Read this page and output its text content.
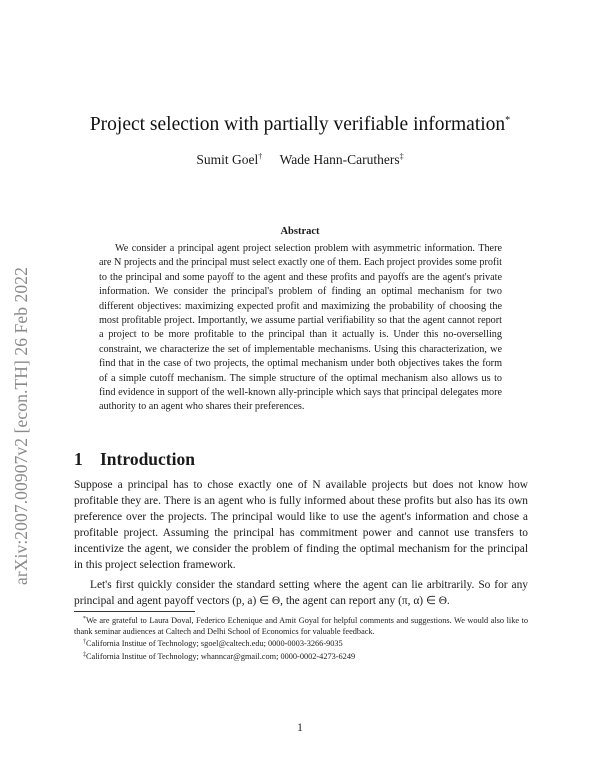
arXiv:2007.00907v2 [econ.TH] 26 Feb 2022
Project selection with partially verifiable information*
Sumit Goel† Wade Hann-Caruthers‡
Abstract
We consider a principal agent project selection problem with asymmetric information. There are N projects and the principal must select exactly one of them. Each project provides some profit to the principal and some payoff to the agent and these profits and payoffs are the agent's private information. We consider the principal's problem of finding an optimal mechanism for two different objectives: maximizing expected profit and maximizing the probability of choosing the most profitable project. Importantly, we assume partial verifiability so that the agent cannot report a project to be more profitable to the principal than it actually is. Under this no-overselling constraint, we characterize the set of implementable mechanisms. Using this characterization, we find that in the case of two projects, the optimal mechanism under both objectives takes the form of a simple cutoff mechanism. The simple structure of the optimal mechanism also allows us to find evidence in support of the well-known ally-principle which says that principal delegates more authority to an agent who shares their preferences.
1 Introduction
Suppose a principal has to chose exactly one of N available projects but does not know how profitable they are. There is an agent who is fully informed about these profits but also has its own preference over the projects. The principal would like to use the agent's information and chose a profitable project. Assuming the principal has commitment power and cannot use transfers to incentivize the agent, we consider the problem of finding the optimal mechanism for the principal in this project selection framework.
Let's first quickly consider the standard setting where the agent can lie arbitrarily. So for any principal and agent payoff vectors (p, a) ∈ Θ, the agent can report any (π, α) ∈ Θ.

*We are grateful to Laura Doval, Federico Echenique and Amit Goyal for helpful comments and suggestions. We would also like to thank seminar audiences at Caltech and Delhi School of Economics for valuable feedback.

†California Institue of Technology; sgoel@caltech.edu; 0000-0003-3266-9035

‡California Institue of Technology; whanncar@gmail.com; 0000-0002-4273-6249

1
